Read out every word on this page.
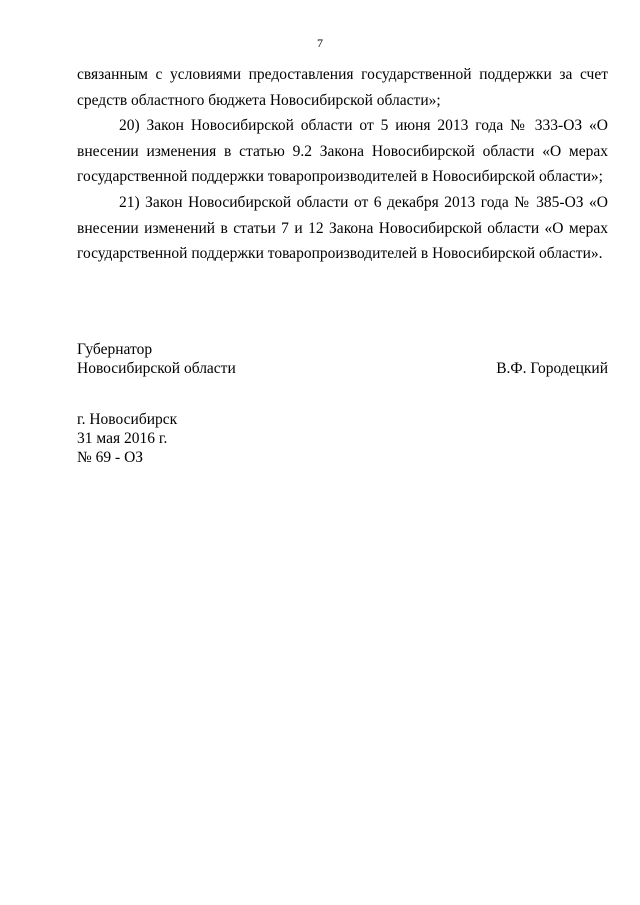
7

связанным с условиями предоставления государственной поддержки за счет средств областного бюджета Новосибирской области»;

20) Закон Новосибирской области от 5 июня 2013 года № 333-ОЗ «О внесении изменения в статью 9.2 Закона Новосибирской области «О мерах государственной поддержки товаропроизводителей в Новосибирской области»;

21) Закон Новосибирской области от 6 декабря 2013 года № 385-ОЗ «О внесении изменений в статьи 7 и 12 Закона Новосибирской области «О мерах государственной поддержки товаропроизводителей в Новосибирской области».

Губернатор
Новосибирской области	В.Ф. Городецкий
г. Новосибирск
31 мая 2016 г.
№ 69 - ОЗ
